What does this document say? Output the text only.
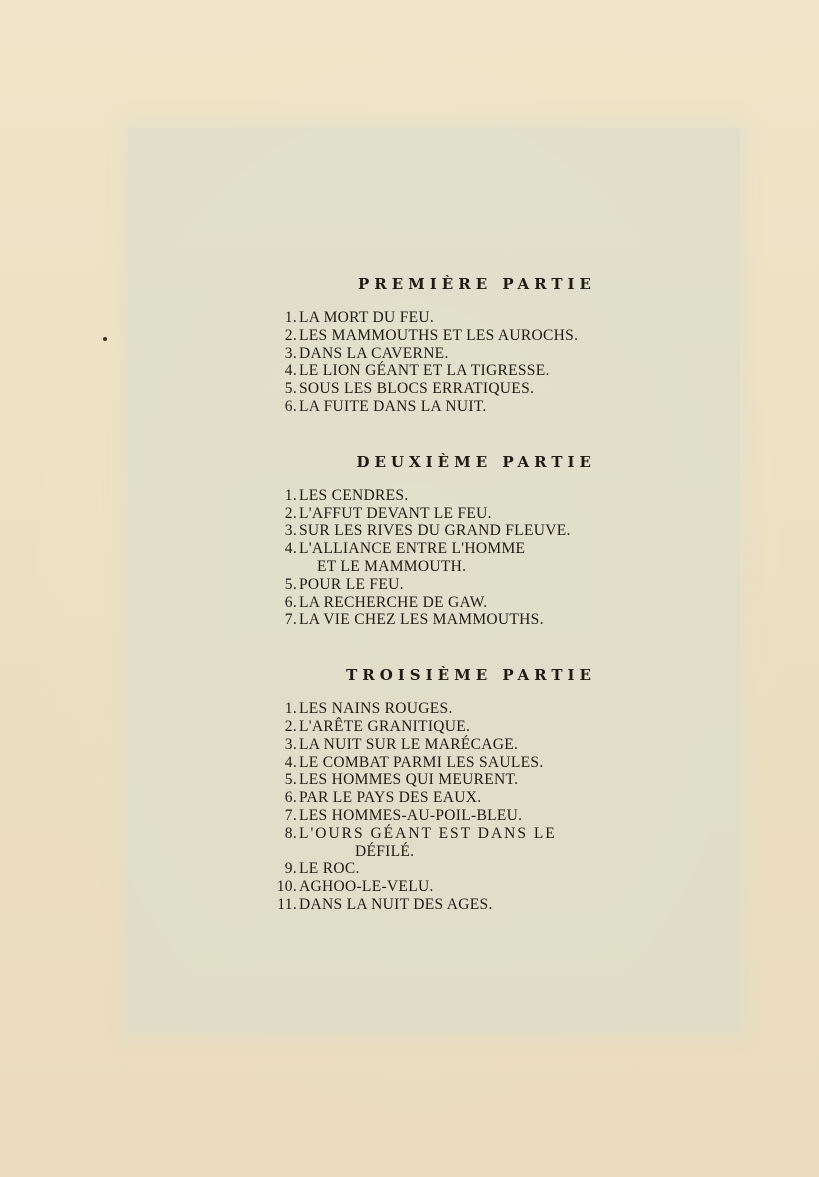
PREMIÈRE PARTIE
1. LA MORT DU FEU.
2. LES MAMMOUTHS ET LES AUROCHS.
3. DANS LA CAVERNE.
4. LE LION GÉANT ET LA TIGRESSE.
5. SOUS LES BLOCS ERRATIQUES.
6. LA FUITE DANS LA NUIT.
DEUXIÈME PARTIE
1. LES CENDRES.
2. L'AFFUT DEVANT LE FEU.
3. SUR LES RIVES DU GRAND FLEUVE.
4. L'ALLIANCE ENTRE L'HOMME
ET LE MAMMOUTH.
5. POUR LE FEU.
6. LA RECHERCHE DE GAW.
7. LA VIE CHEZ LES MAMMOUTHS.
TROISIÈME PARTIE
1. LES NAINS ROUGES.
2. L'ARÊTE GRANITIQUE.
3. LA NUIT SUR LE MARÉCAGE.
4. LE COMBAT PARMI LES SAULES.
5. LES HOMMES QUI MEURENT.
6. PAR LE PAYS DES EAUX.
7. LES HOMMES-AU-POIL-BLEU.
8. L'OURS GÉANT EST DANS LE
DÉFILÉ.
9. LE ROC.
10. AGHOO-LE-VELU.
11. DANS LA NUIT DES AGES.
